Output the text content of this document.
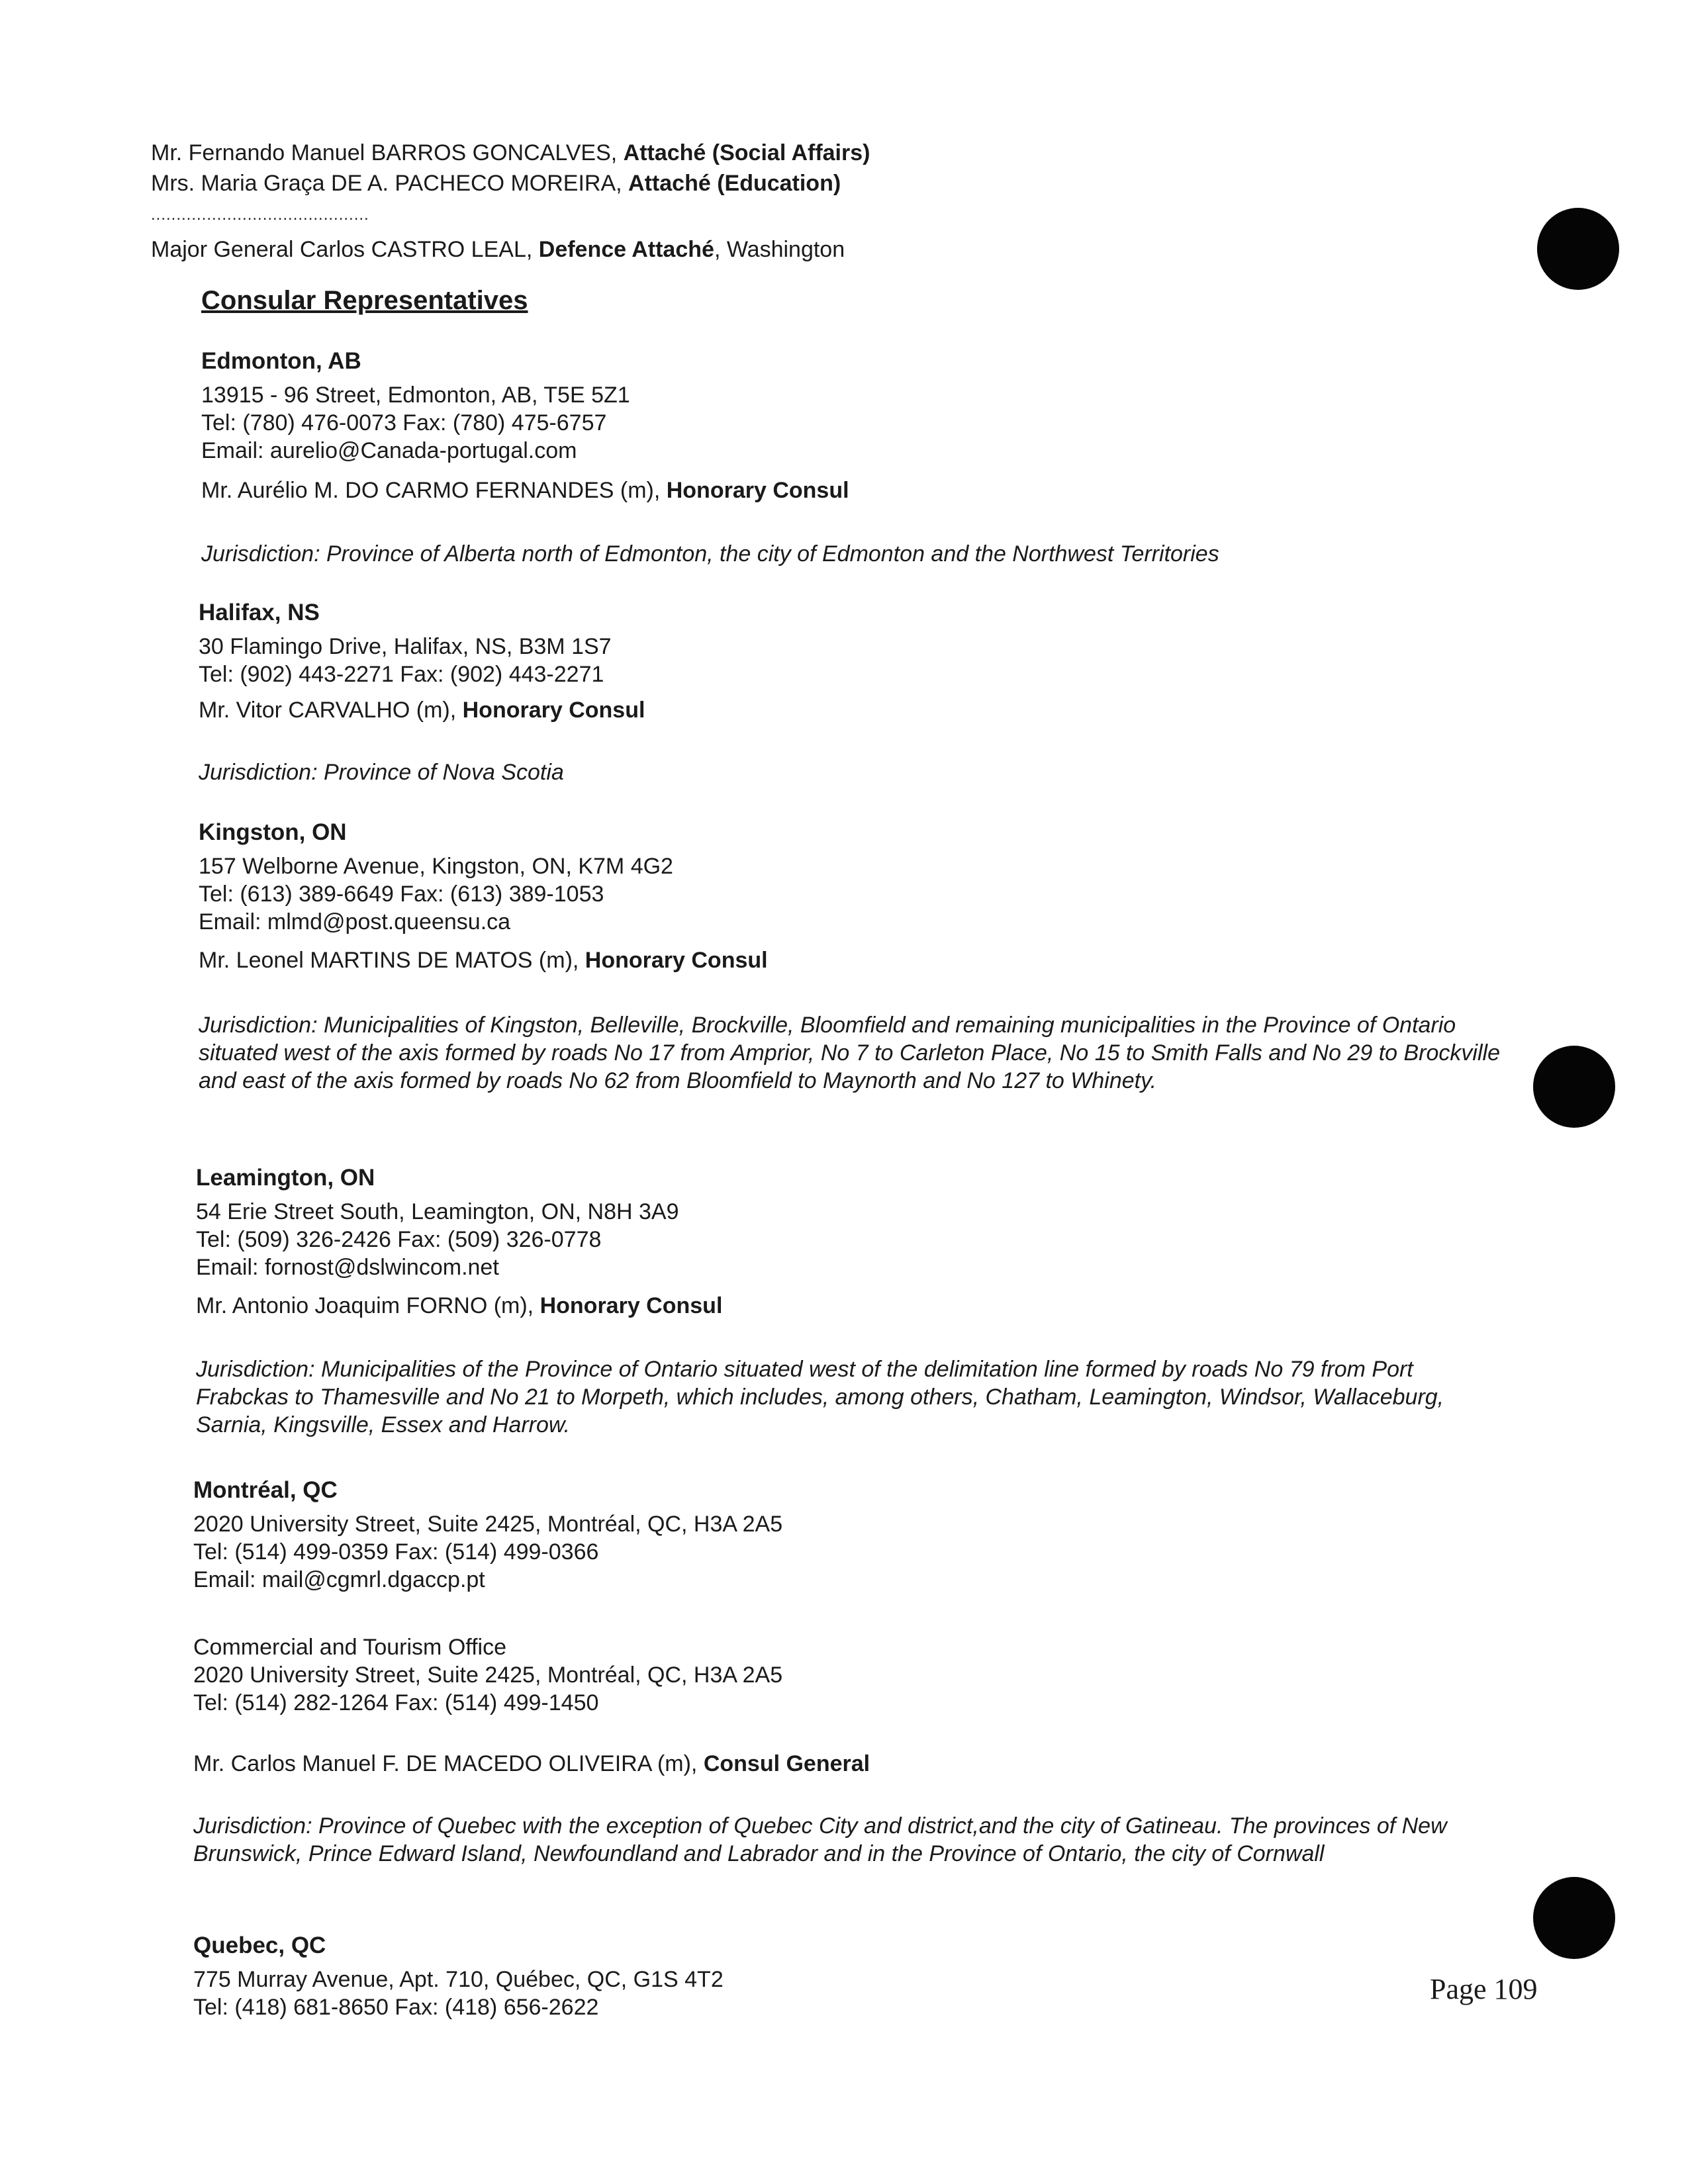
Mr. Fernando Manuel BARROS GONCALVES, Attaché (Social Affairs)
Mrs. Maria Graça DE A. PACHECO MOREIRA, Attaché (Education)
...........................................
Major General Carlos CASTRO LEAL, Defence Attaché, Washington
Consular Representatives
Edmonton, AB
13915 - 96 Street, Edmonton, AB, T5E 5Z1
Tel: (780) 476-0073 Fax: (780) 475-6757
Email: aurelio@Canada-portugal.com
Mr. Aurélio M. DO CARMO FERNANDES (m), Honorary Consul
Jurisdiction: Province of Alberta north of Edmonton, the city of Edmonton and the Northwest Territories
Halifax, NS
30 Flamingo Drive, Halifax, NS, B3M 1S7
Tel: (902) 443-2271 Fax: (902) 443-2271
Mr. Vitor CARVALHO (m), Honorary Consul
Jurisdiction: Province of Nova Scotia
Kingston, ON
157 Welborne Avenue, Kingston, ON, K7M 4G2
Tel: (613) 389-6649 Fax: (613) 389-1053
Email: mlmd@post.queensu.ca
Mr. Leonel MARTINS DE MATOS (m), Honorary Consul
Jurisdiction: Municipalities of Kingston, Belleville, Brockville, Bloomfield and remaining municipalities in the Province of Ontario situated west of the axis formed by roads No 17 from Amprior, No 7 to Carleton Place, No 15 to Smith Falls and No 29 to Brockville and east of the axis formed by roads No 62 from Bloomfield to Maynorth and No 127 to Whinety.
Leamington, ON
54 Erie Street South, Leamington, ON, N8H 3A9
Tel: (509) 326-2426 Fax: (509) 326-0778
Email: fornost@dslwincom.net
Mr. Antonio Joaquim FORNO (m), Honorary Consul
Jurisdiction: Municipalities of the Province of Ontario situated west of the delimitation line formed by roads No 79 from Port Frabckas to Thamesville and No 21 to Morpeth, which includes, among others, Chatham, Leamington, Windsor, Wallaceburg, Sarnia, Kingsville, Essex and Harrow.
Montréal, QC
2020 University Street, Suite 2425, Montréal, QC, H3A 2A5
Tel: (514) 499-0359 Fax: (514) 499-0366
Email: mail@cgmrl.dgaccp.pt
Commercial and Tourism Office
2020 University Street, Suite 2425, Montréal, QC, H3A 2A5
Tel: (514) 282-1264 Fax: (514) 499-1450
Mr. Carlos Manuel F. DE MACEDO OLIVEIRA (m), Consul General
Jurisdiction: Province of Quebec with the exception of Quebec City and district,and the city of Gatineau. The provinces of New Brunswick, Prince Edward Island, Newfoundland and Labrador and in the Province of Ontario, the city of Cornwall
Quebec, QC
775 Murray Avenue, Apt. 710, Québec, QC, G1S 4T2
Tel: (418) 681-8650 Fax: (418) 656-2622
Page 109
